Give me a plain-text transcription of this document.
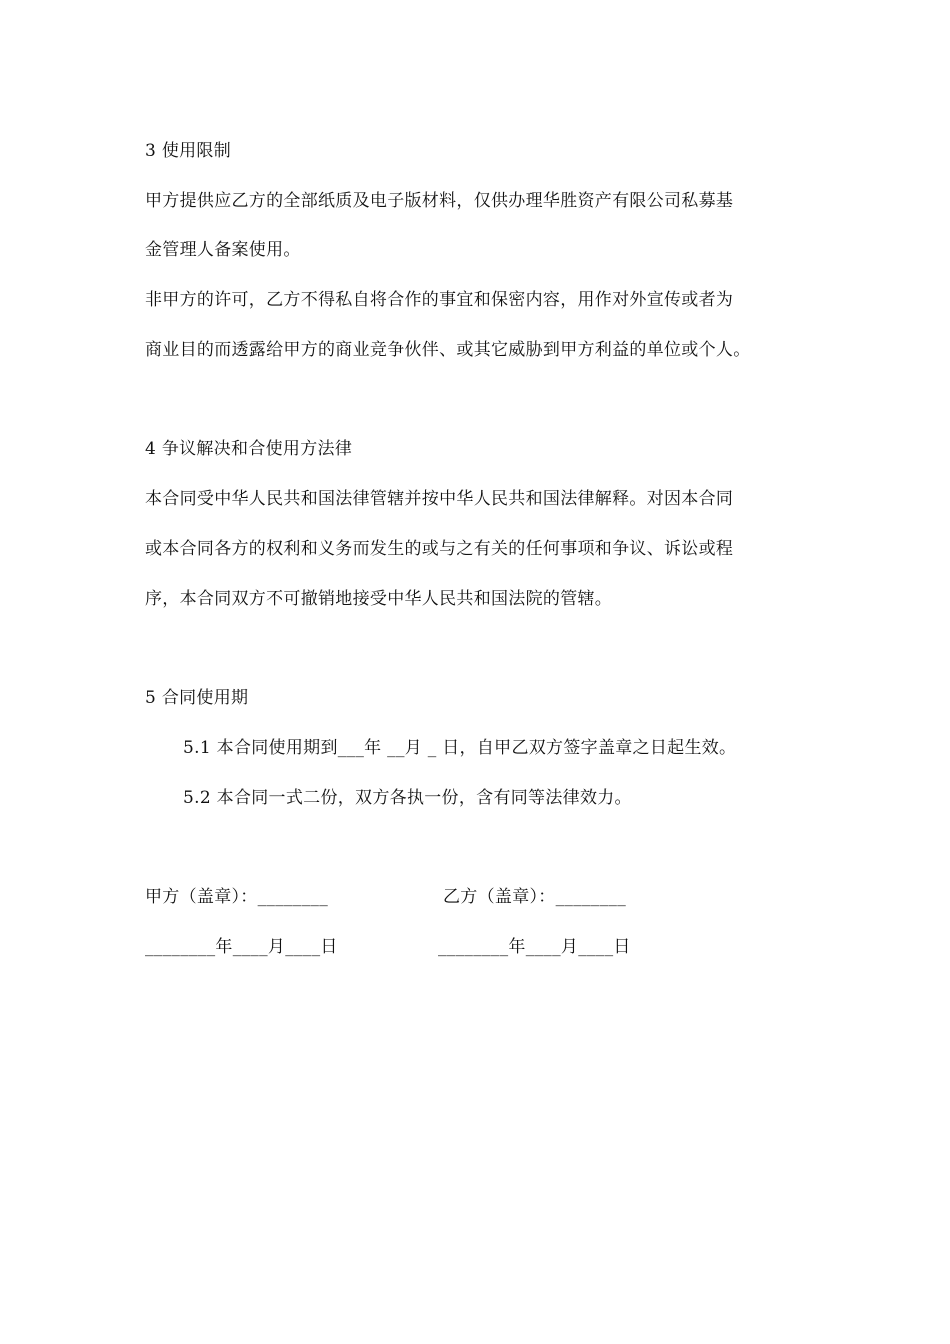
3 使用限制
甲方提供应乙方的全部纸质及电子版材料，仅供办理华胜资产有限公司私募基
金管理人备案使用。
非甲方的许可，乙方不得私自将合作的事宜和保密内容，用作对外宣传或者为
商业目的而透露给甲方的商业竞争伙伴、或其它威胁到甲方利益的单位或个人。
4 争议解决和合使用方法律
本合同受中华人民共和国法律管辖并按中华人民共和国法律解释。对因本合同
或本合同各方的权利和义务而发生的或与之有关的任何事项和争议、诉讼或程
序，本合同双方不可撤销地接受中华人民共和国法院的管辖。
5 合同使用期
5.1 本合同使用期到___年 __月 _ 日，自甲乙双方签字盖章之日起生效。
5.2 本合同一式二份，双方各执一份，含有同等法律效力。
甲方（盖章）：________	乙方（盖章）：________
________年____月____日	________年____月____日
